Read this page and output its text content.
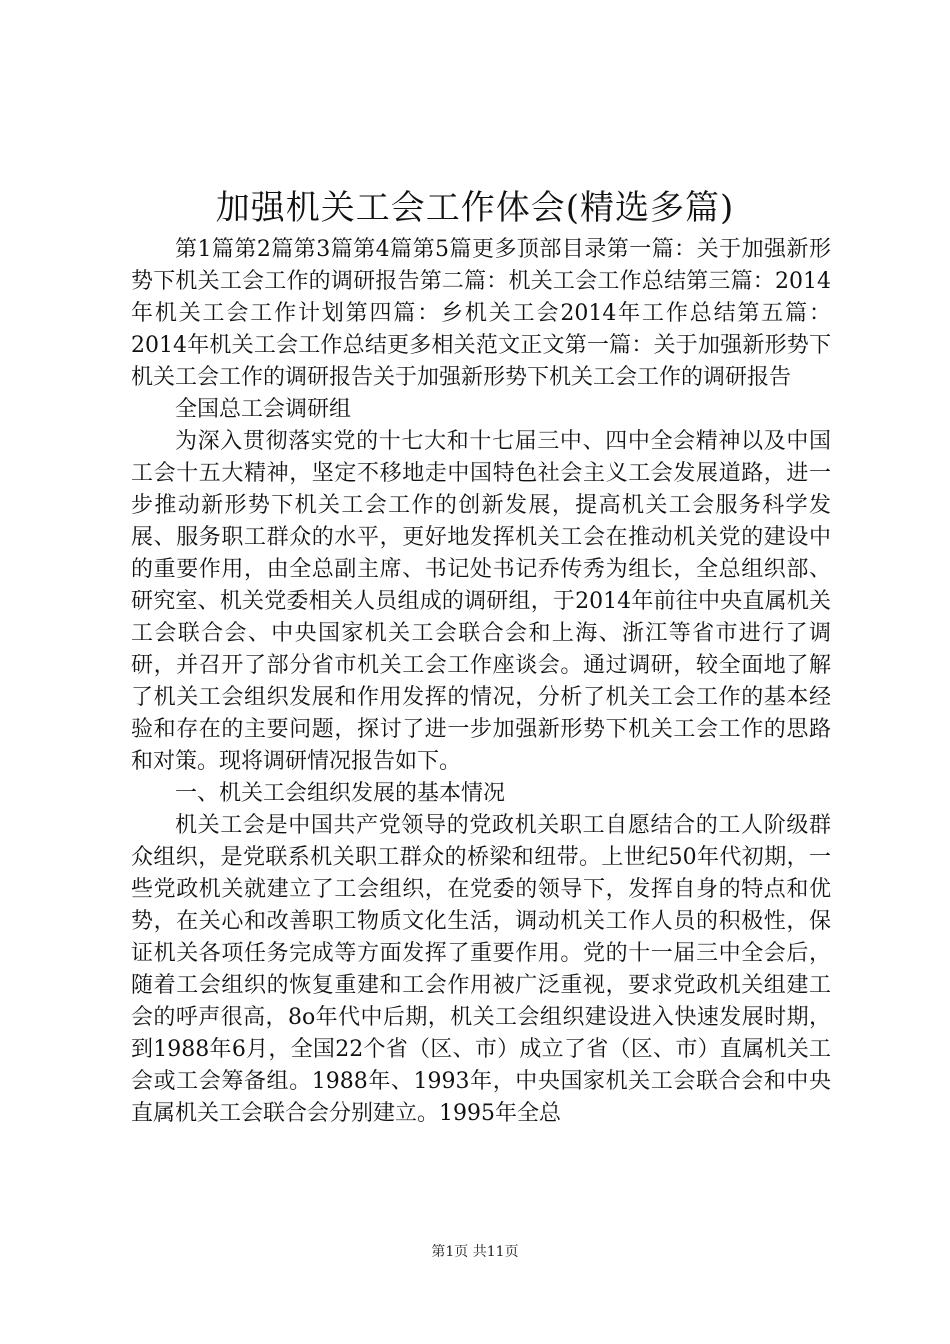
加强机关工会工作体会(精选多篇)

第1篇第2篇第3篇第4篇第5篇更多顶部目录第一篇：关于加强新形势下机关工会工作的调研报告第二篇：机关工会工作总结第三篇：2014年机关工会工作计划第四篇：乡机关工会2014年工作总结第五篇：2014年机关工会工作总结更多相关范文正文第一篇：关于加强新形势下机关工会工作的调研报告关于加强新形势下机关工会工作的调研报告

全国总工会调研组

为深入贯彻落实党的十七大和十七届三中、四中全会精神以及中国工会十五大精神，坚定不移地走中国特色社会主义工会发展道路，进一步推动新形势下机关工会工作的创新发展，提高机关工会服务科学发展、服务职工群众的水平，更好地发挥机关工会在推动机关党的建设中的重要作用，由全总副主席、书记处书记乔传秀为组长，全总组织部、研究室、机关党委相关人员组成的调研组，于2014年前往中央直属机关工会联合会、中央国家机关工会联合会和上海、浙江等省市进行了调研，并召开了部分省市机关工会工作座谈会。通过调研，较全面地了解了机关工会组织发展和作用发挥的情况，分析了机关工会工作的基本经验和存在的主要问题，探讨了进一步加强新形势下机关工会工作的思路和对策。现将调研情况报告如下。

一、机关工会组织发展的基本情况

机关工会是中国共产党领导的党政机关职工自愿结合的工人阶级群众组织，是党联系机关职工群众的桥梁和纽带。上世纪50年代初期，一些党政机关就建立了工会组织，在党委的领导下，发挥自身的特点和优势，在关心和改善职工物质文化生活，调动机关工作人员的积极性，保证机关各项任务完成等方面发挥了重要作用。党的十一届三中全会后，随着工会组织的恢复重建和工会作用被广泛重视，要求党政机关组建工会的呼声很高，8o年代中后期，机关工会组织建设进入快速发展时期，到1988年6月，全国22个省（区、市）成立了省（区、市）直属机关工会或工会筹备组。1988年、1993年，中央国家机关工会联合会和中央直属机关工会联合会分别建立。1995年全总

第1页 共11页
